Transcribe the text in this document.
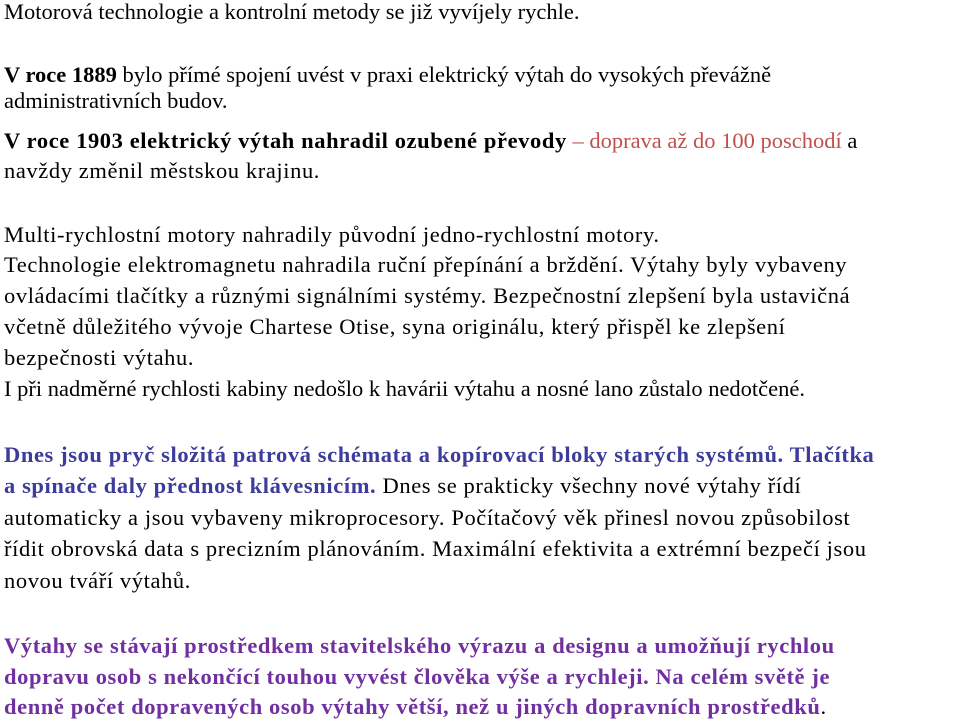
Motorová technologie a kontrolní metody se již vyvíjely rychle.
V roce 1889 bylo přímé spojení uvést v praxi elektrický výtah do vysokých převážně
administrativních budov.
V roce 1903 elektrický výtah nahradil ozubené převody – doprava až do 100 poschodí a
navždy změnil městskou krajinu.
Multi-rychlostní motory nahradily původní jedno-rychlostní motory.
Technologie elektromagnetu nahradila ruční přepínání a brždění. Výtahy byly vybaveny
ovládacími tlačítky a různými signálními systémy. Bezpečnostní zlepšení byla ustavičná
včetně důležitého vývoje Chartese Otise, syna originálu, který přispěl ke zlepšení
bezpečnosti výtahu.
I při nadměrné rychlosti kabiny nedošlo k havárii výtahu a nosné lano zůstalo nedotčené.
Dnes jsou pryč složitá patrová schémata a kopírovací bloky starých systémů. Tlačítka
a spínače daly přednost klávesnicím. Dnes se prakticky všechny nové výtahy řídí
automaticky a jsou vybaveny mikroprocesory. Počítačový věk přinesl novou způsobilost
řídit obrovská data s precizním plánováním. Maximální efektivita a extrémní bezpečí jsou
novou tváří výtahů.
Výtahy se stávají prostředkem stavitelského výrazu a designu a umožňují rychlou
dopravu osob s nekončící touhou vyvést člověka výše a rychleji. Na celém světě je
denně počet dopravených osob výtahy větší, než u jiných dopravních prostředků.
